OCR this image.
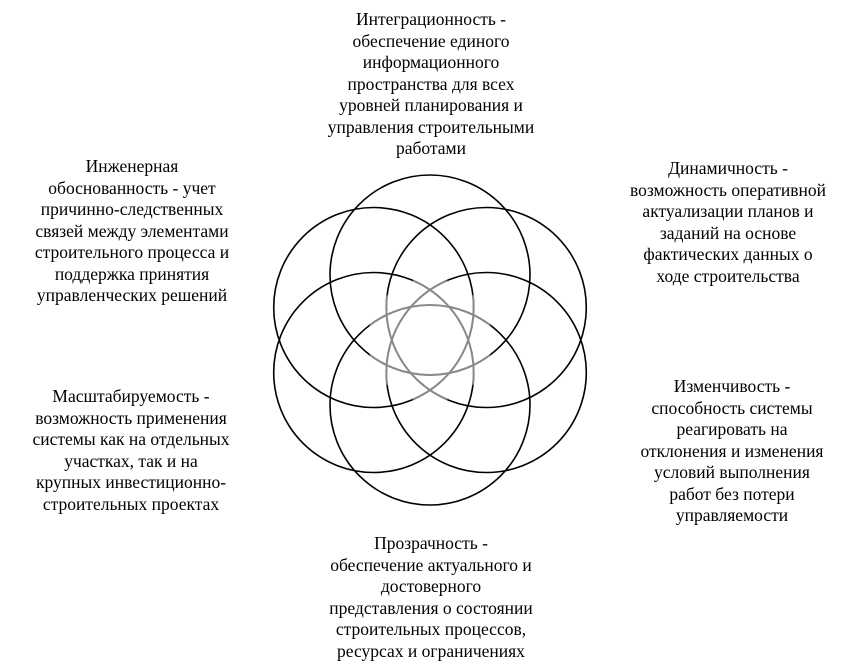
Интеграционность -
обеспечение единого
информационного
пространства для всех
уровней планирования и
управления строительными
работами
Динамичность -
возможность оперативной
актуализации планов и
заданий на основе
фактических данных о
ходе строительства
Изменчивость -
способность системы
реагировать на
отклонения и изменения
условий выполнения
работ без потери
управляемости
Прозрачность -
обеспечение актуального и
достоверного
представления о состоянии
строительных процессов,
ресурсах и ограничениях
Масштабируемость -
возможность применения
системы как на отдельных
участках, так и на
крупных инвестиционно-
строительных проектах
Инженерная
обоснованность - учет
причинно-следственных
связей между элементами
строительного процесса и
поддержка принятия
управленческих решений
